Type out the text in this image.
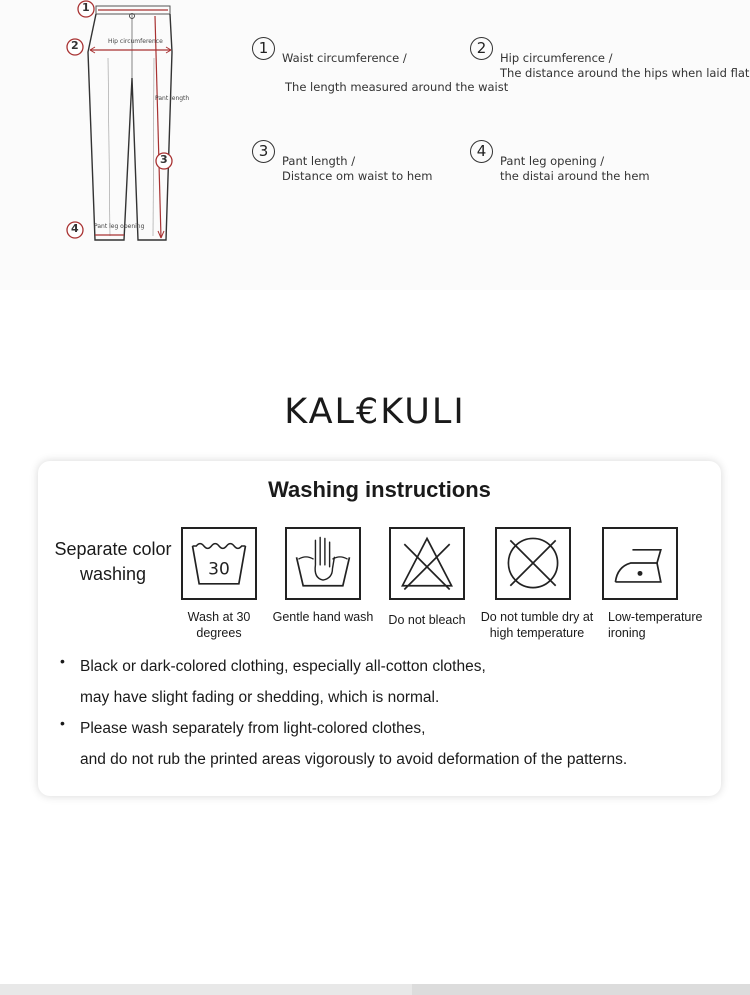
1
2
3
4
Hip circumference
Pant length
Pant leg opening
1
Waist circumference /
The length measured around the waist
2
Hip circumference /
The distance around the hips when laid flat
3
Pant length /
Distance om waist to hem
4
Pant leg opening /
the distai around the hem
KAL€KULI
Washing instructions
Separate color washing	30
Wash at 30 degrees
Gentle hand wash	Do not bleach	Do not tumble dry at high temperature
Low-temperature ironing
• Black or dark-colored clothing, especially all-cotton clothes,

may have slight fading or shedding, which is normal.

• Please wash separately from light-colored clothes,

and do not rub the printed areas vigorously to avoid deformation of the patterns.
